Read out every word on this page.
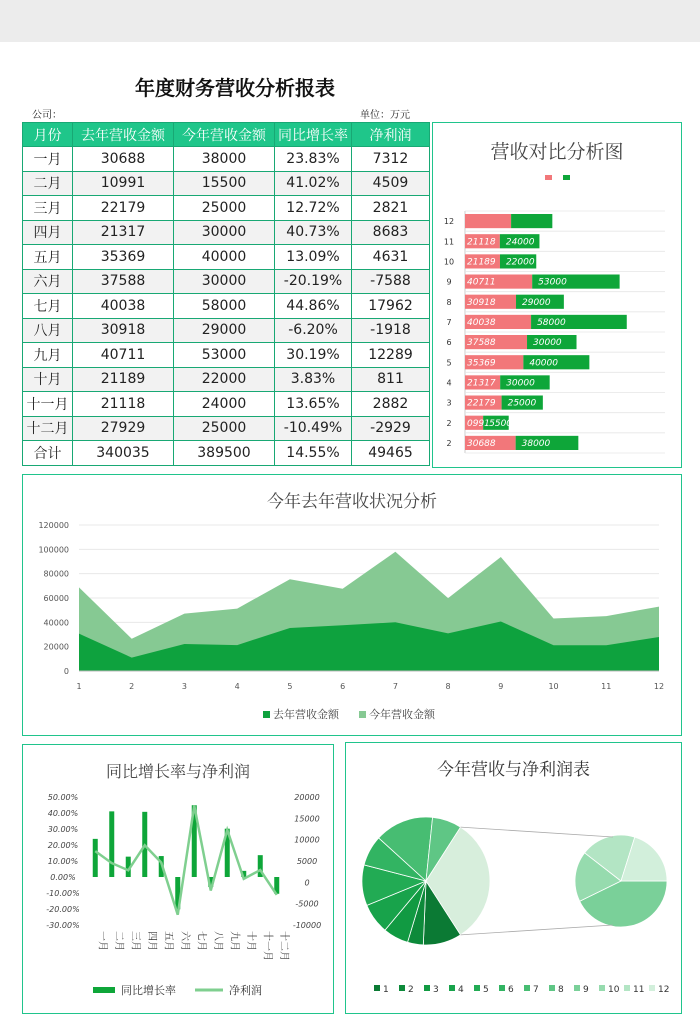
年度财务营收分析报表
公司：	单位：万元
月份	去年营收金额	今年营收金额	同比增长率	净利润
一月	30688	38000	23.83%	7312
二月	10991	15500	41.02%	4509
三月	22179	25000	12.72%	2821
四月	21317	30000	40.73%	8683
五月	35369	40000	13.09%	4631
六月	37588	30000	-20.19%	-7588
七月	40038	58000	44.86%	17962
八月	30918	29000	-6.20%	-1918
九月	40711	53000	30.19%	12289
十月	21189	22000	3.83%	811
十一月	21118	24000	13.65%	2882
十二月	27929	25000	-10.49%	-2929
合计	340035	389500	14.55%	49465
营收对比分析图
12
21118 24000
11
21189 22000
10
40711	53000
9
30918	29000
8
40038	58000
7
37588	30000
6
35369	40000
5
21317 30000
4
22179 25000
3
0991 5500
2
30688	38000
2
今年去年营收状况分析
0
20000
40000
60000
80000
100000
120000
1	2	3	4	5	6	7	8	9	10	11	12
去年营收金额	今年营收金额
同比增长率与净利润
50.00%
40.00%
30.00%
20.00%
10.00%
0.00%
-10.00%
-20.00%
-30.00%
20000
15000
10000
5000
0
-5000
-10000
一月 二月 三月 四月 五月 六月 七月 八月 九月 十月 十一月 十二月
同比增长率	净利润
今年营收与净利润表
1 2 3 4 5 6 7 8 9 10 11 12
